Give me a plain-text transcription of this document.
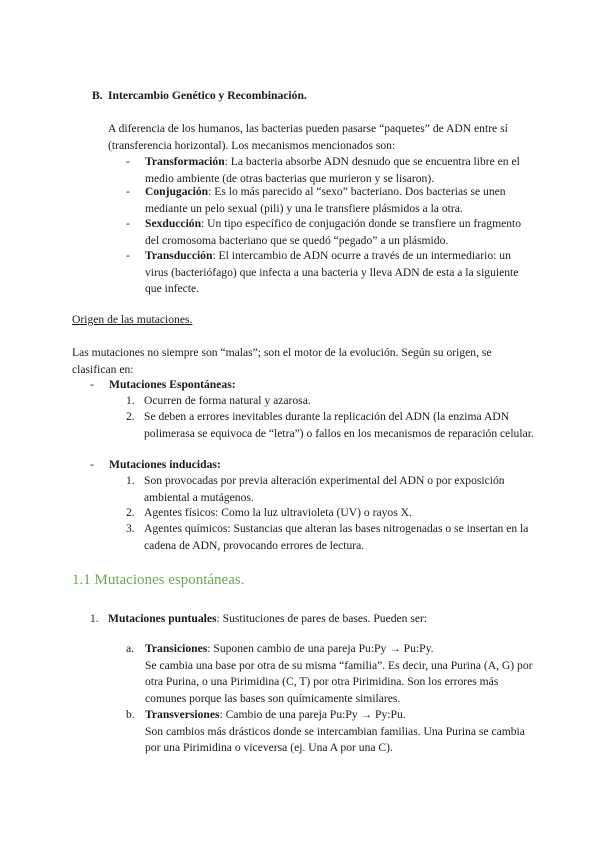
B. Intercambio Genético y Recombinación.

A diferencia de los humanos, las bacterias pueden pasarse “paquetes” de ADN entre sí (transferencia horizontal). Los mecanismos mencionados son:

- Transformación: La bacteria absorbe ADN desnudo que se encuentra libre en el medio ambiente (de otras bacterias que murieron y se lisaron).

- Conjugación: Es lo más parecido al “sexo” bacteriano. Dos bacterias se unen mediante un pelo sexual (pili) y una le transfiere plásmidos a la otra.

- Sexducción: Un tipo específico de conjugación donde se transfiere un fragmento del cromosoma bacteriano que se quedó “pegado” a un plásmido.

- Transducción: El intercambio de ADN ocurre a través de un intermediario: un virus (bacteriófago) que infecta a una bacteria y lleva ADN de esta a la siguiente que infecte.

Origen de las mutaciones.

Las mutaciones no siempre son “malas”; son el motor de la evolución. Según su origen, se clasifican en:

- Mutaciones Espontáneas:
1. Ocurren de forma natural y azarosa.

2. Se deben a errores inevitables durante la replicación del ADN (la enzima ADN polimerasa se equivoca de “letra”) o fallos en los mecanismos de reparación celular.

- Mutaciones inducidas:
1. Son provocadas por previa alteración experimental del ADN o por exposición ambiental a mutágenos.

2. Agentes físicos: Como la luz ultravioleta (UV) o rayos X.

3. Agentes químicos: Sustancias que alteran las bases nitrogenadas o se insertan en la cadena de ADN, provocando errores de lectura.

1.1 Mutaciones espontáneas.
1. Mutaciones puntuales: Sustituciones de pares de bases. Pueden ser:

a. Transiciones: Suponen cambio de una pareja Pu:Py → Pu:Py.

Se cambia una base por otra de su misma “familia”. Es decir, una Purina (A, G) por otra Purina, o una Pirimidina (C, T) por otra Pirimidina. Son los errores más comunes porque las bases son químicamente similares.

b. Transversiones: Cambio de una pareja Pu:Py → Py:Pu.

Son cambios más drásticos donde se intercambian familias. Una Purina se cambia por una Pirimidina o viceversa (ej. Una A por una C).
